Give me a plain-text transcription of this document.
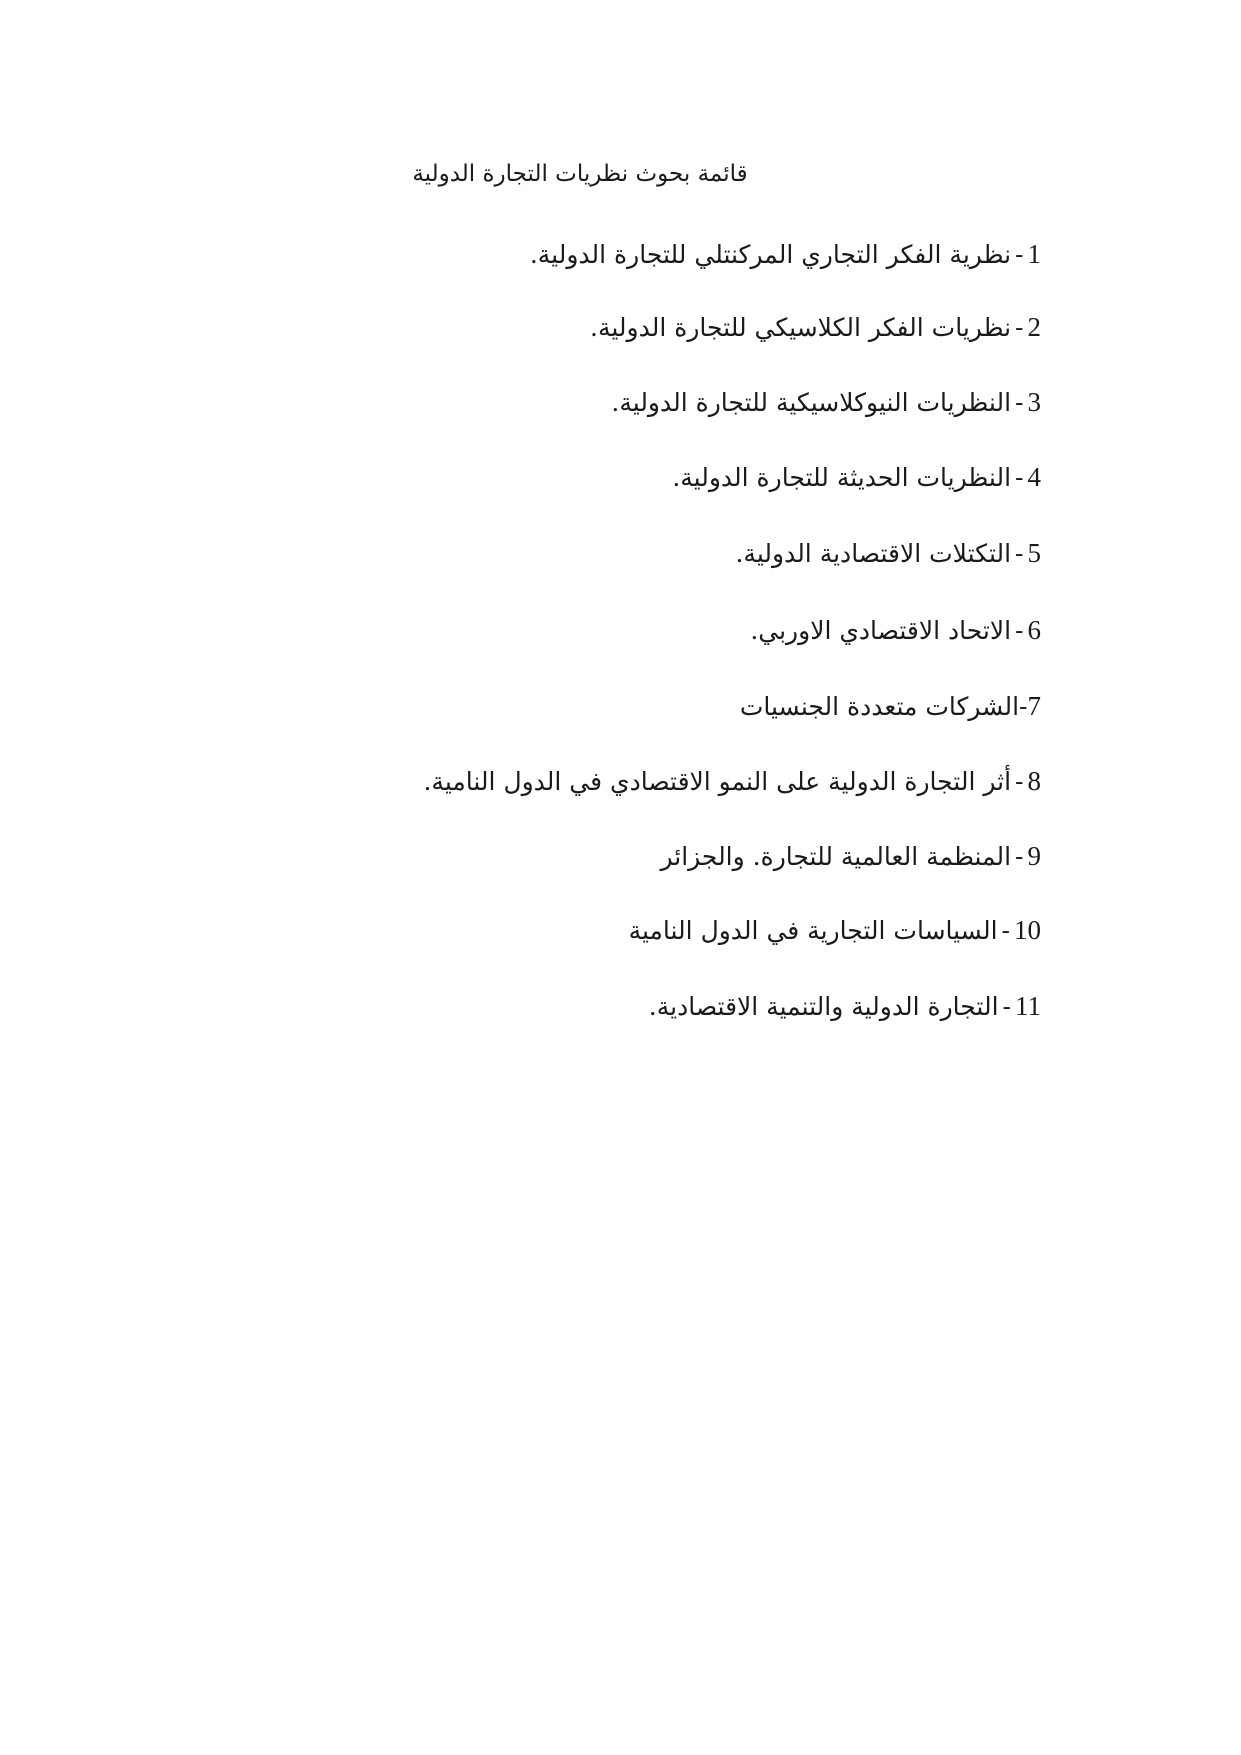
قائمة بحوث نظريات التجارة الدولية
1-نظرية الفكر التجاري المركنتلي للتجارة الدولية.
2-نظريات الفكر الكلاسيكي للتجارة الدولية.
3-النظريات النيوكلاسيكية للتجارة الدولية.
4-النظريات الحديثة للتجارة الدولية.
5-التكتلات الاقتصادية الدولية.
6-الاتحاد الاقتصادي الاوربي.
7-الشركات متعددة الجنسيات
8-أثر التجارة الدولية على النمو الاقتصادي في الدول النامية.
9-المنظمة العالمية للتجارة. والجزائر
10-السياسات التجارية في الدول النامية
11-التجارة الدولية والتنمية الاقتصادية.
